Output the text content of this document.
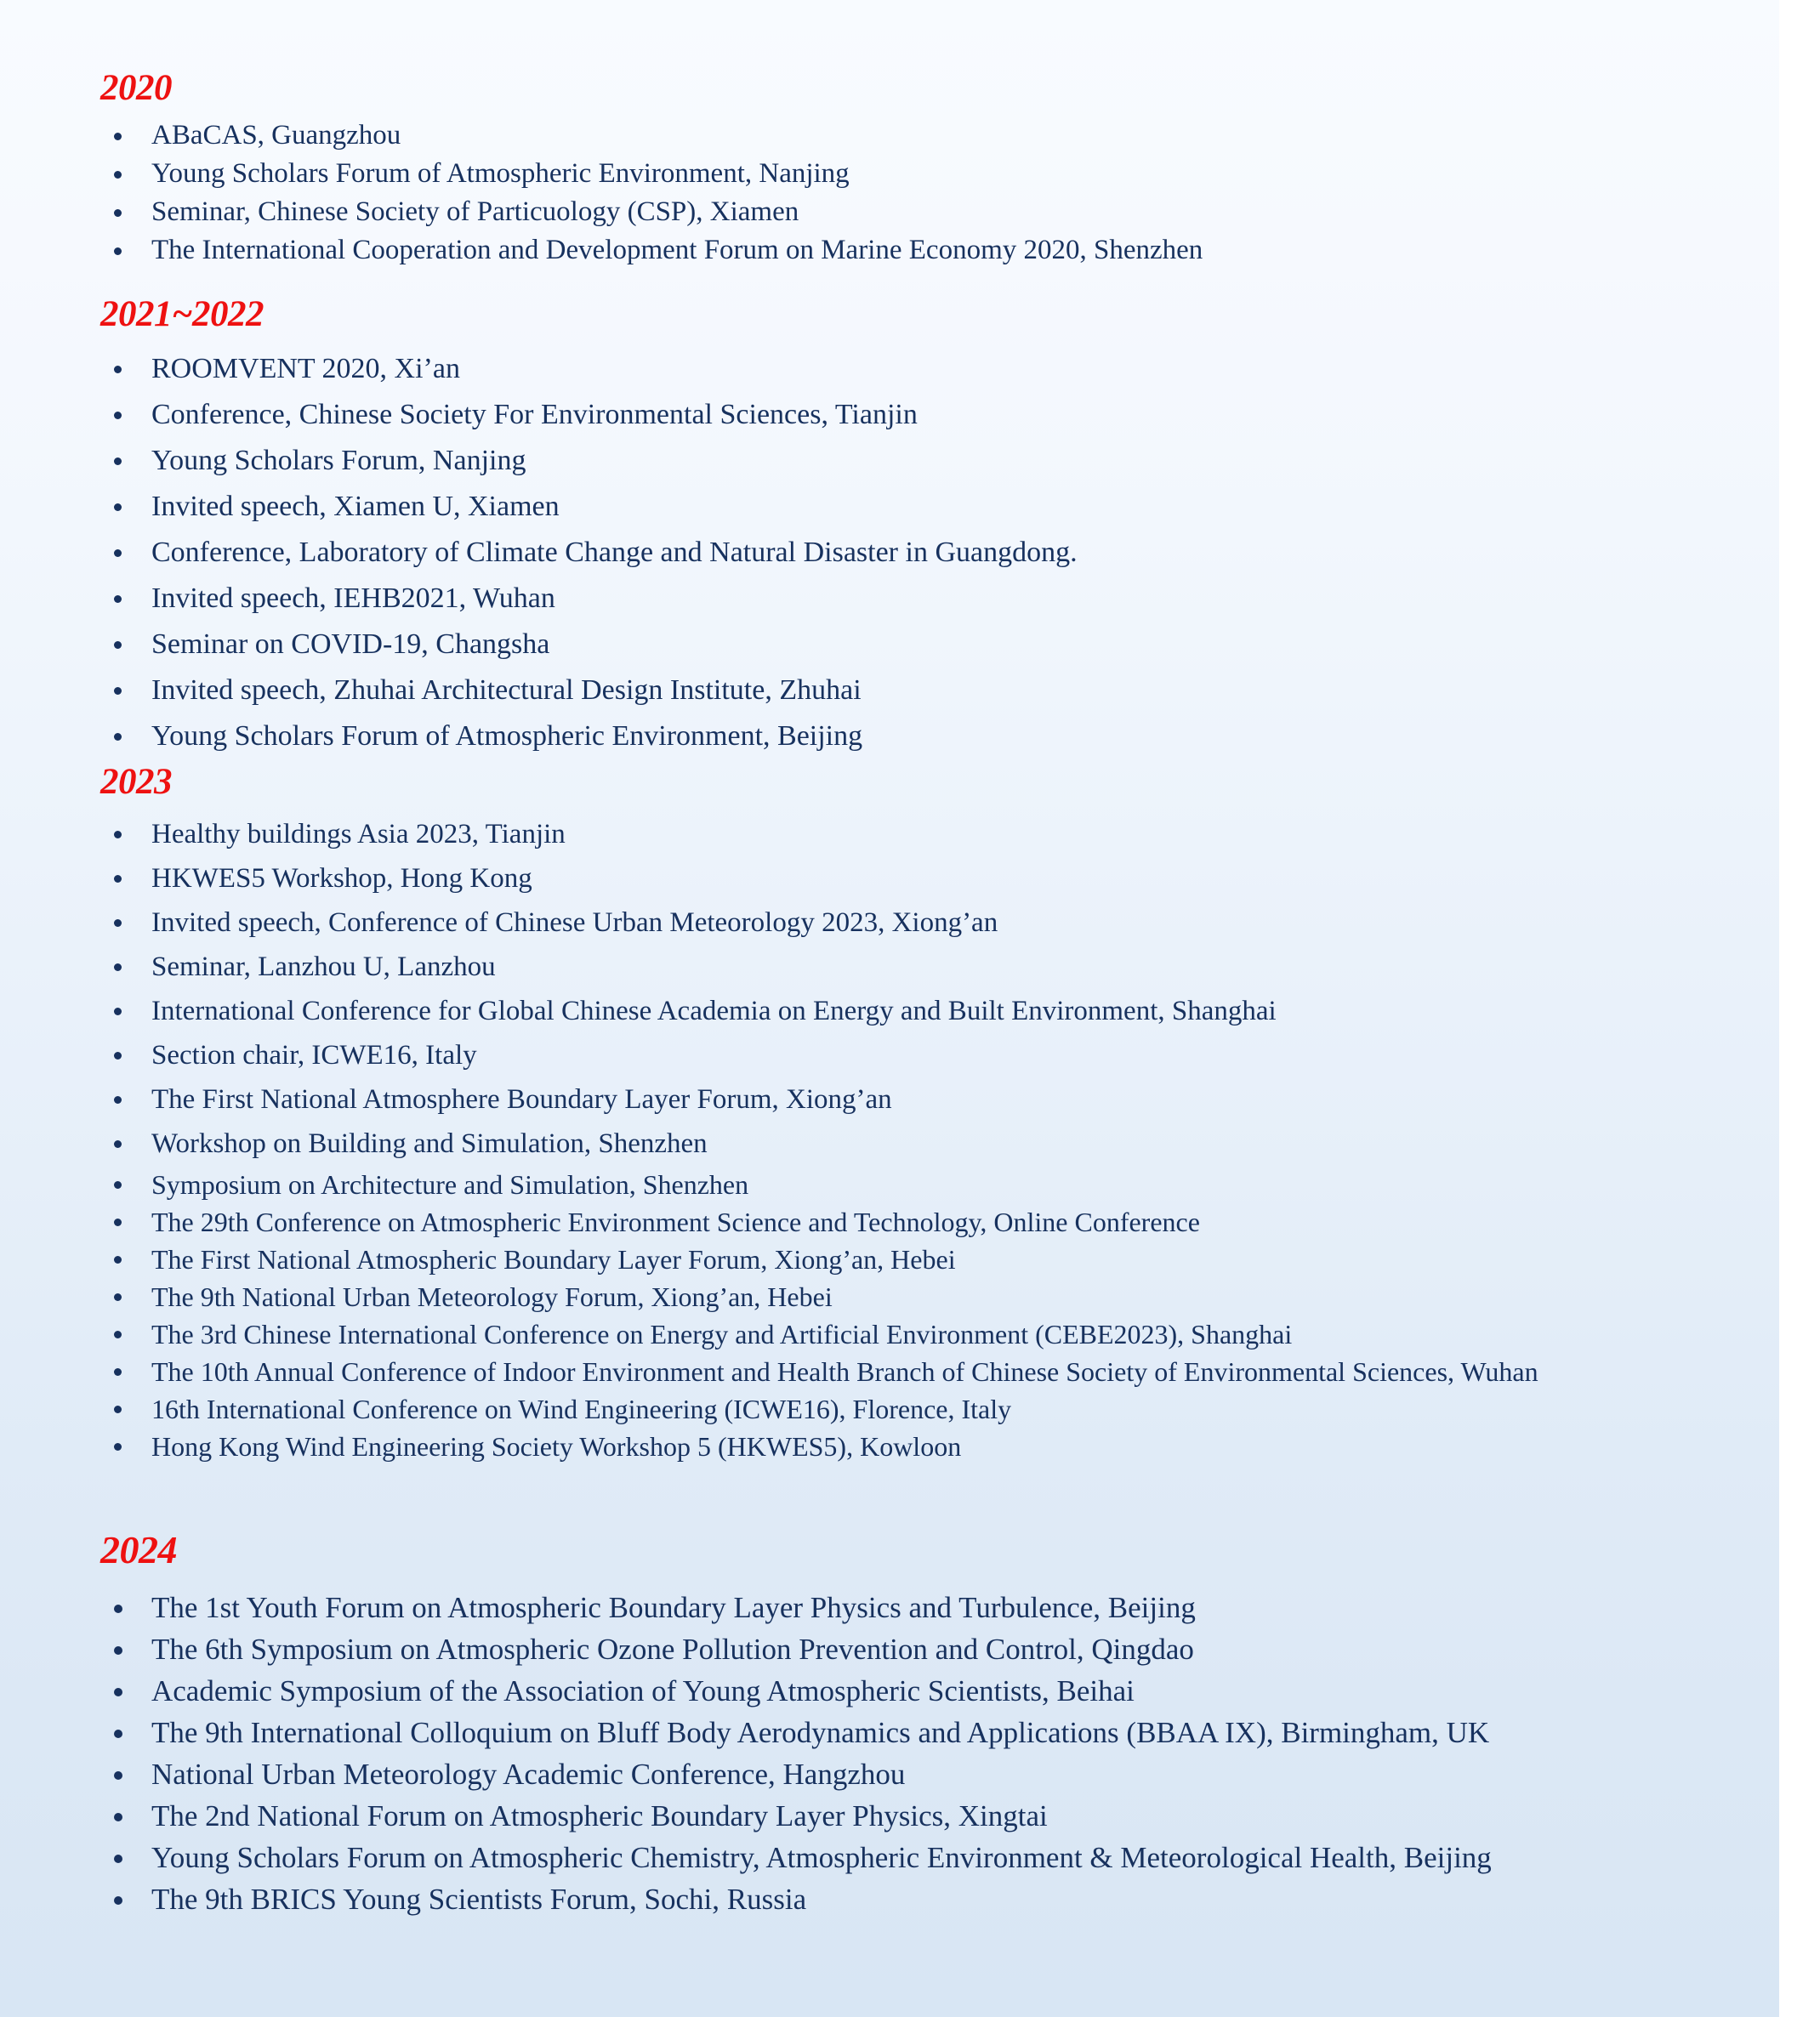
2020
ABaCAS, Guangzhou
Young Scholars Forum of Atmospheric Environment, Nanjing
Seminar, Chinese Society of Particuology (CSP), Xiamen
The International Cooperation and Development Forum on Marine Economy 2020, Shenzhen
2021~2022
ROOMVENT 2020, Xi’an
Conference, Chinese Society For Environmental Sciences, Tianjin
Young Scholars Forum, Nanjing
Invited speech, Xiamen U, Xiamen
Conference, Laboratory of Climate Change and Natural Disaster in Guangdong.
Invited speech, IEHB2021, Wuhan
Seminar on COVID-19, Changsha
Invited speech, Zhuhai Architectural Design Institute, Zhuhai
Young Scholars Forum of Atmospheric Environment, Beijing
2023
Healthy buildings Asia 2023, Tianjin
HKWES5 Workshop, Hong Kong
Invited speech, Conference of Chinese Urban Meteorology 2023, Xiong’an
Seminar, Lanzhou U, Lanzhou
International Conference for Global Chinese Academia on Energy and Built Environment, Shanghai
Section chair, ICWE16, Italy
The First National Atmosphere Boundary Layer Forum, Xiong’an
Workshop on Building and Simulation, Shenzhen
Symposium on Architecture and Simulation, Shenzhen
The 29th Conference on Atmospheric Environment Science and Technology, Online Conference
The First National Atmospheric Boundary Layer Forum, Xiong’an, Hebei
The 9th National Urban Meteorology Forum, Xiong’an, Hebei
The 3rd Chinese International Conference on Energy and Artificial Environment (CEBE2023), Shanghai
The 10th Annual Conference of Indoor Environment and Health Branch of Chinese Society of Environmental Sciences, Wuhan
16th International Conference on Wind Engineering (ICWE16), Florence, Italy
Hong Kong Wind Engineering Society Workshop 5 (HKWES5), Kowloon
2024
The 1st Youth Forum on Atmospheric Boundary Layer Physics and Turbulence, Beijing
The 6th Symposium on Atmospheric Ozone Pollution Prevention and Control, Qingdao
Academic Symposium of the Association of Young Atmospheric Scientists, Beihai
The 9th International Colloquium on Bluff Body Aerodynamics and Applications (BBAA IX), Birmingham, UK
National Urban Meteorology Academic Conference, Hangzhou
The 2nd National Forum on Atmospheric Boundary Layer Physics, Xingtai
Young Scholars Forum on Atmospheric Chemistry, Atmospheric Environment & Meteorological Health, Beijing
The 9th BRICS Young Scientists Forum, Sochi, Russia
